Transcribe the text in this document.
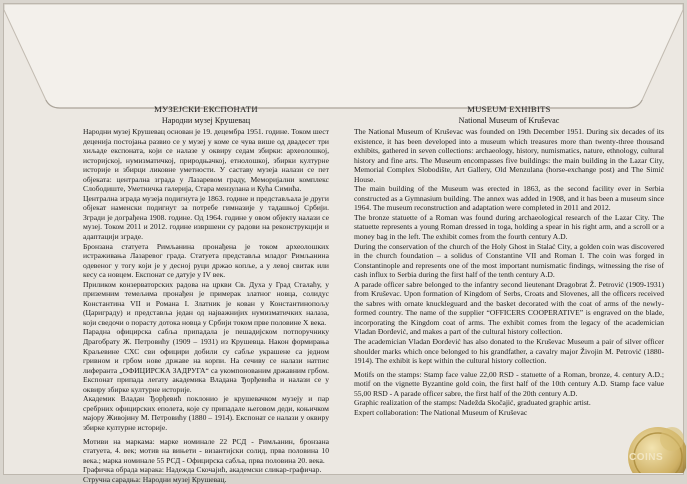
МУЗЕЈСКИ ЕКСПОНАТИ

Народни музеј Крушевац

Народни музеј Крушевац основан је 19. децембра 1951. године. Током шест деценија постојања развио се у музеј у коме се чува више од двадесет три хиљаде експоната, који се налазе у оквиру седам збирки: археолошкој, историјској, нумизматичкој, природњачкој, етнолошкој, збирки културне историје и збирци ликовне уметности. У саставу музеја налази се пет објеката: централна зграда у Лазаревом граду, Меморијални комплекс Слободиште, Уметничка галерија, Стара мензулана и Кућа Симића.

Централна зграда музеја подигнута је 1863. године и представљала је други објекат наменски подигнут за потребе гимназије у тадашњој Србији. Згради је дограђена 1908. године. Од 1964. године у овом објекту налази се музеј. Током 2011 и 2012. године извршени су радови на реконструкцији и адаптацији зграде.

Бронзана статуета Римљанина пронађена је током археолошких истраживања Лазаревог града. Статуета представља младог Римљанина одевеног у тогу који је у десној руци држао копље, а у левој свитак или кесу са новцем. Експонат се датује у IV век.

Приликом конзерваторских радова на цркви Св. Духа у Град Сталаћу, у приземним темељима пронађен је примерак златног новца, солидус Константина VII и Романа I. Златник је кован у Константинопољу (Цариграду) и представља један од најважнијих нумизматичких налаза, који сведочи о порасту дотока новца у Србији током прве половине X века.

Парадна официрска сабља припадала је пешадијском потпоручнику Драгобрату Ж. Петровићу (1909 – 1931) из Крушевца. Након формирања Краљевине СХС сви официри добили су сабље украшене са једном гривном и грбом нове државе на корпи. На сечиву се налази натпис лиферанта „ОФИЦИРСКА ЗАДРУГА“ са укомпонованим државним грбом. Експонат припада легату академика Владана Ђорђевића и налази се у оквиру збирке културне историје.

Академик Владан Ђорђевић поклонио је крушевачком музеју и пар сребрних официрских еполета, које су припадале његовом деди, коњичком мајору Живојину М. Петровићу (1880 – 1914). Експонат се налази у оквиру збирке културне историје.

Мотиви на маркама: марке номинале 22 РСД - Римљанин, бронзана статуета, 4. век; мотив на вињети - византијски солид, прва половина 10 века.; марка номинале 55 РСД - Официрска сабља, прва половина 20. века.

Графичка обрада марака: Надежда Скочајић, академски сликар-графичар.

Стручна сарадња: Народни музеј Крушевац.

MUSEUM EXHIBITS

National Museum of Kruševac

The National Museum of Kruševac was founded on 19th December 1951. During six decades of its existence, it has been developed into a museum which treasures more than twenty-three thousand exhibits, gathered in seven collections: archaeology, history, numismatics, nature, ethnology, cultural history and fine arts. The Museum encompasses five buildings: the main building in the Lazar City, Memorial Complex Slobodište, Art Gallery, Old Menzulana (horse-exchange post) and The Simić House.

The main building of the Museum was erected in 1863, as the second facility ever in Serbia constructed as a Gymnasium building. The annex was added in 1908, and it has been a museum since 1964. The museum reconstruction and adaptation were completed in 2011 and 2012.

The bronze statuette of a Roman was found during archaeological research of the Lazar City. The statuette represents a young Roman dressed in toga, holding a spear in his right arm, and a scroll or a money bag in the left. The exhibit comes from the fourth century A.D.

During the conservation of the church of the Holy Ghost in Stalać City, a golden coin was discovered in the church foundation – a solidus of Constantine VII and Roman I. The coin was forged in Constantinople and represents one of the most important numismatic findings, witnessing the rise of cash influx to Serbia during the first half of the tenth century A.D.

A parade officer sabre belonged to the infantry second lieutenant Dragobrat Ž. Petrović (1909-1931) from Kruševac. Upon formation of Kingdom of Serbs, Croats and Slovenes, all the officers received the sabres with ornate knuckleguard and the basket decorated with the coat of arms of the newly-formed country. The name of the supplier “OFFICERS COOPERATIVE” is engraved on the blade, incorporating the Kingdom coat of arms. The exhibit comes from the legacy of the academician Vladan Đorđević, and makes a part of the cultural history collection.

The academician Vladan Đorđević has also donated to the Kruševac Museum a pair of silver officer shoulder marks which once belonged to his grandfather, a cavalry major Živojin M. Petrović (1880-1914). The exhibit is kept within the cultural history collection.

Motifs on the stamps: Stamp face value 22,00 RSD - statuette of a Roman, bronze, 4. century A.D.; motif on the vignette Byzantine gold coin, the first half of the 10th century A.D. Stamp face value 55,00 RSD - A parade officer sabre, the first half of the 20th century A.D.

Graphic realization of the stamps: Nadežda Skočajić, graduated graphic artist.

Expert collaboration: The National Museum of Kruševac

COINS
